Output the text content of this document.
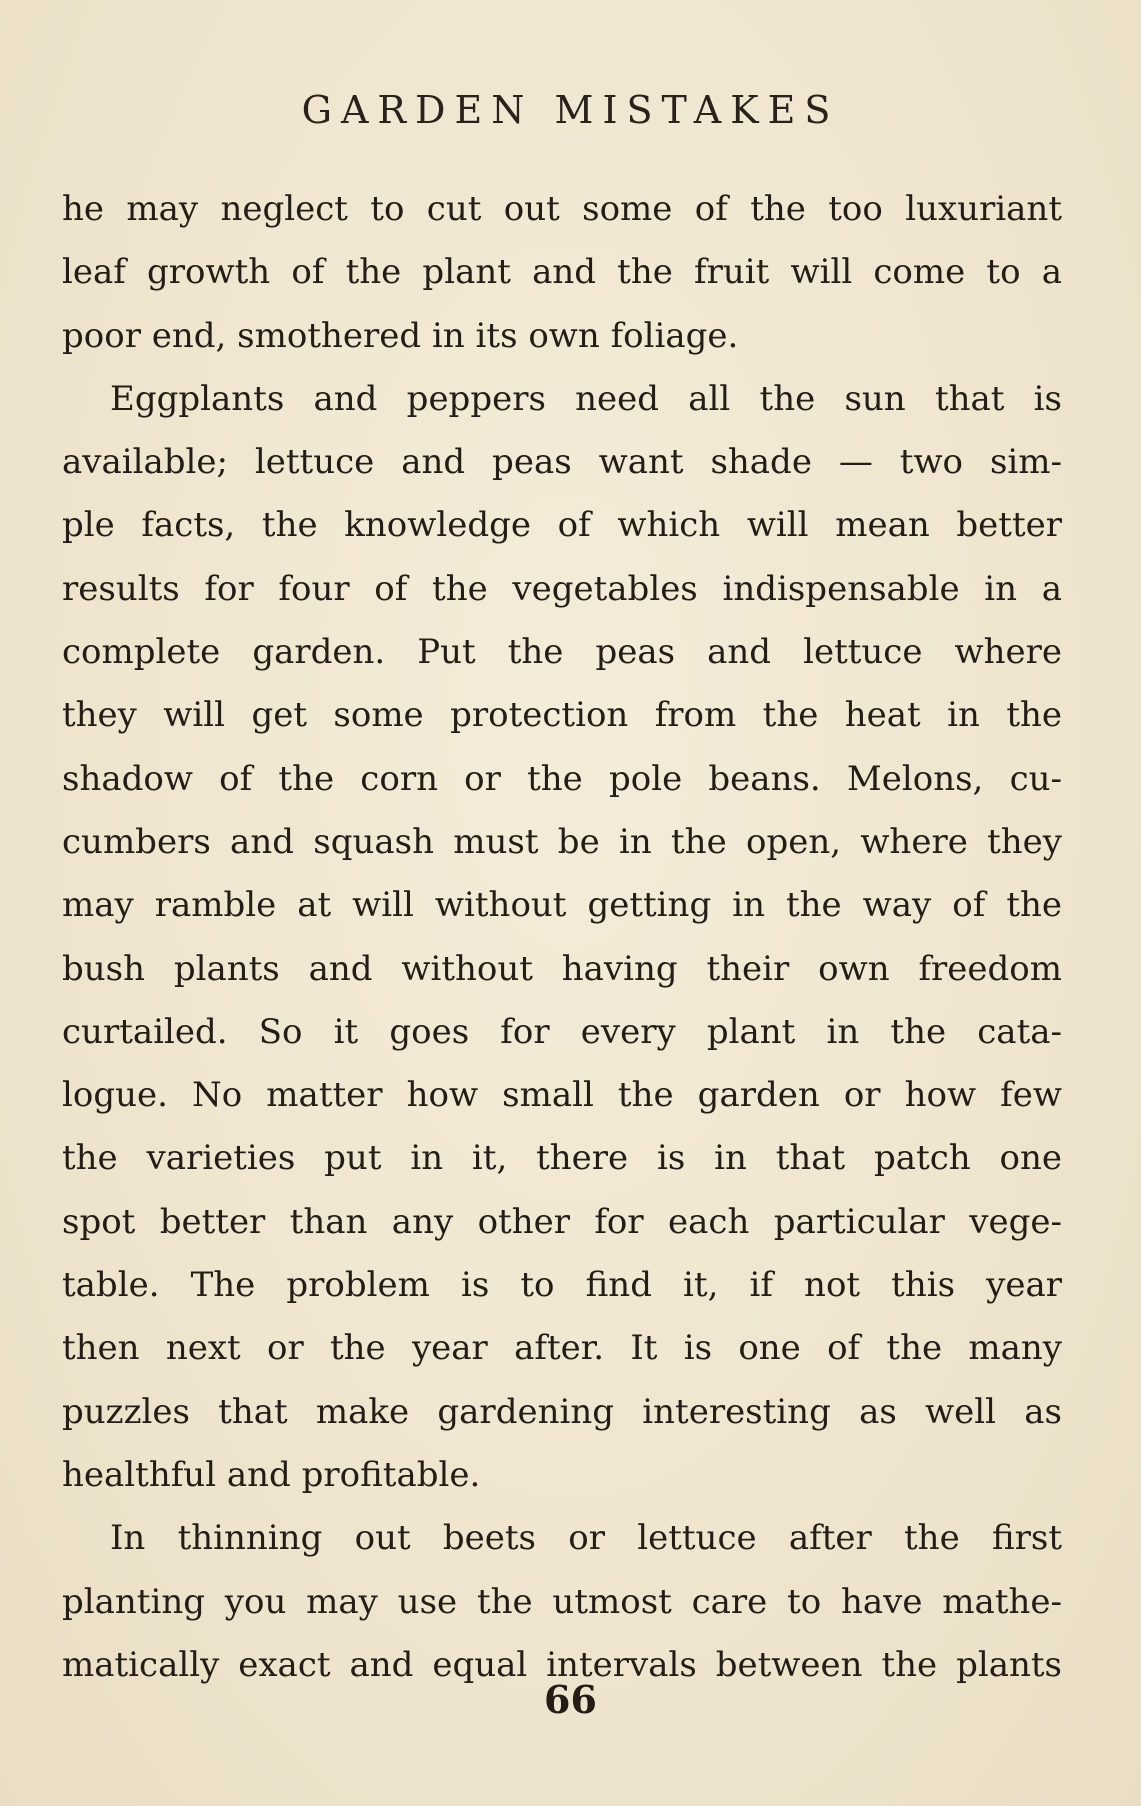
GARDEN MISTAKES
he may neglect to cut out some of the too luxuriant
leaf growth of the plant and the fruit will come to a
poor end, smothered in its own foliage.
Eggplants and peppers need all the sun that is
available; lettuce and peas want shade — two sim-
ple facts, the knowledge of which will mean better
results for four of the vegetables indispensable in a
complete garden. Put the peas and lettuce where
they will get some protection from the heat in the
shadow of the corn or the pole beans. Melons, cu-
cumbers and squash must be in the open, where they
may ramble at will without getting in the way of the
bush plants and without having their own freedom
curtailed. So it goes for every plant in the cata-
logue. No matter how small the garden or how few
the varieties put in it, there is in that patch one
spot better than any other for each particular vege-
table. The problem is to find it, if not this year
then next or the year after. It is one of the many
puzzles that make gardening interesting as well as
healthful and profitable.
In thinning out beets or lettuce after the first
planting you may use the utmost care to have mathe-
matically exact and equal intervals between the plants
66
